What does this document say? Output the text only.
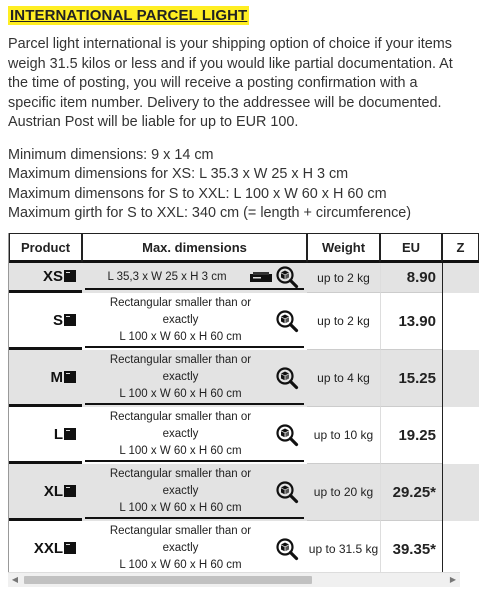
INTERNATIONAL PARCEL LIGHT

Parcel light international is your shipping option of choice if your items weigh 31.5 kilos or less and if you would like partial documentation. At the time of posting, you will receive a posting confirmation with a specific item number. Delivery to the addressee will be documented. Austrian Post will be liable for up to EUR 100.

Minimum dimensions: 9 x 14 cm
Maximum dimensions for XS: L 35.3 x W 25 x H 3 cm
Maximum dimensons for S to XXL: L 100 x W 60 x H 60 cm
Maximum girth for S to XXL: 340 cm (= length + circumference)
Product	Max. dimensions	Weight	EU	Z
XS	L 35,3 x W 25 x H 3 cm	up to 2 kg	8.90	
S	Rectangular smaller than or
exactly
L 100 x W 60 x H 60 cm	up to 2 kg	13.90	
M	Rectangular smaller than or
exactly
L 100 x W 60 x H 60 cm	up to 4 kg	15.25	
L	Rectangular smaller than or
exactly
L 100 x W 60 x H 60 cm	up to 10 kg	19.25	
XL	Rectangular smaller than or
exactly
L 100 x W 60 x H 60 cm	up to 20 kg	29.25*	
XXL	Rectangular smaller than or
exactly
L 100 x W 60 x H 60 cm	up to 31.5 kg	39.35*	
◀	▶
